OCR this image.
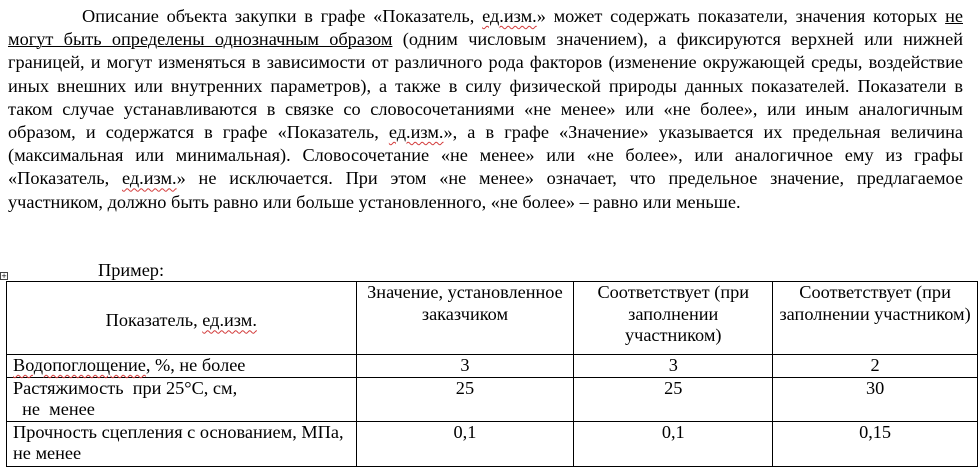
Описание объекта закупки в графе «Показатель, ед.изм.» может содержать показатели, значения которых не могут быть определены однозначным образом (одним числовым значением), а фиксируются верхней или нижней границей, и могут изменяться в зависимости от различного рода факторов (изменение окружающей среды, воздействие иных внешних или внутренних параметров), а также в силу физической природы данных показателей. Показатели в таком случае устанавливаются в связке со словосочетаниями «не менее» или «не более», или иным аналогичным образом, и содержатся в графе «Показатель, ед.изм.», а в графе «Значение» указывается их предельная величина (максимальная или минимальная). Словосочетание «не менее» или «не более», или аналогичное ему из графы «Показатель, ед.изм.» не исключается. При этом «не менее» означает, что предельное значение, предлагаемое участником, должно быть равно или больше установленного, «не более» – равно или меньше.

Пример:
+
Показатель, ед.изм.	Значение, установленное заказчиком	Соответствует (при заполнении участником)	Соответствует (при заполнении участником)
Водопоглощение, %, не более	3	3	2
Растяжимость  при 25°С, см,
не  менее	25	25	30
Прочность сцепления с основанием, МПа, не менее	0,1	0,1	0,15
